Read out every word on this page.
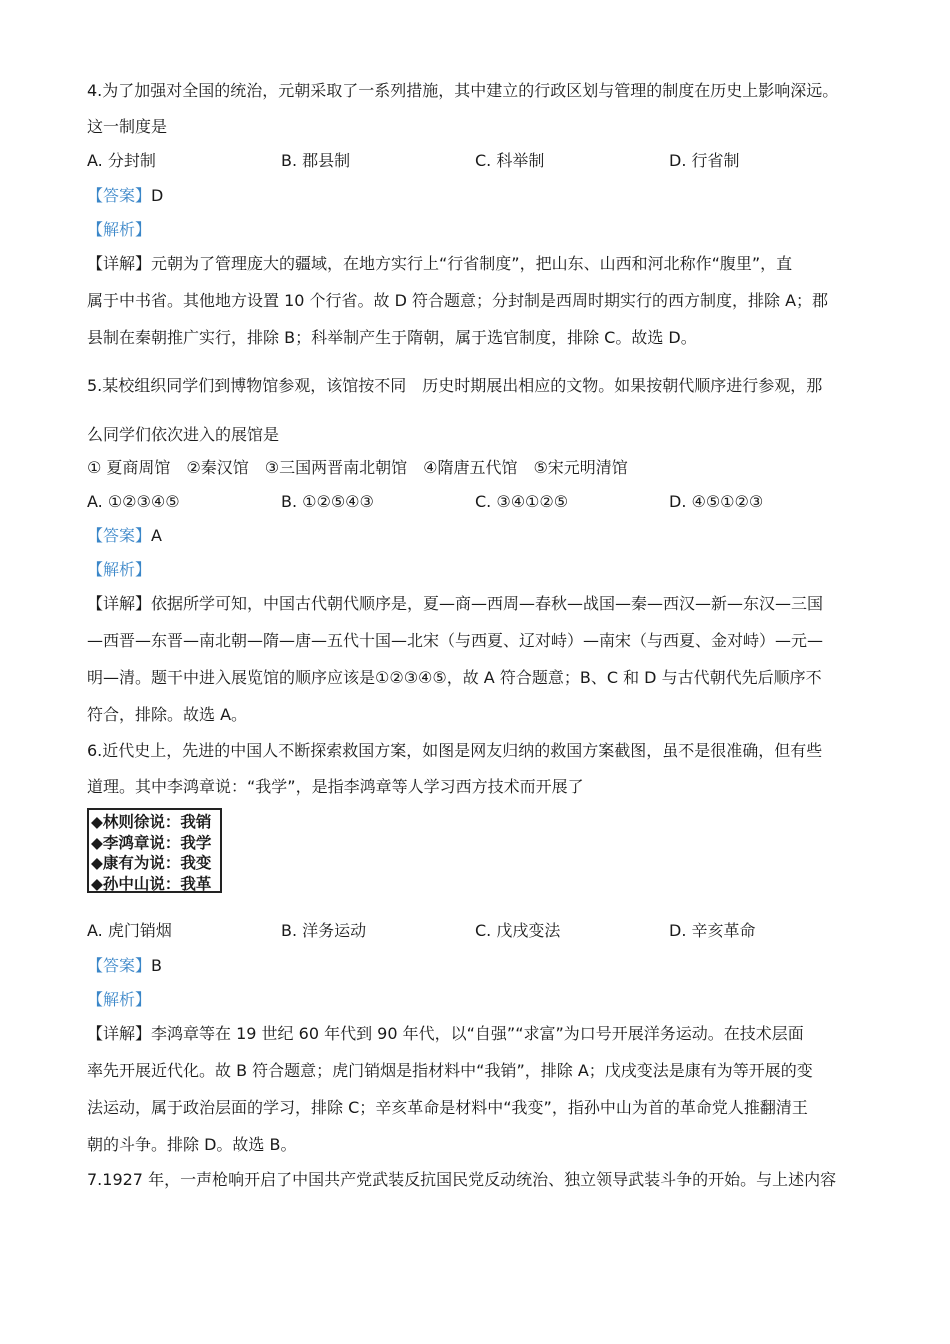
4.为了加强对全国的统治，元朝采取了一系列措施，其中建立的行政区划与管理的制度在历史上影响深远。
这一制度是
A. 分封制	B. 郡县制	C. 科举制	D. 行省制
【答案】D
【解析】
【详解】元朝为了管理庞大的疆域，在地方实行上“行省制度”，把山东、山西和河北称作“腹里”，直
属于中书省。其他地方设置 10 个行省。故 D 符合题意；分封制是西周时期实行的西方制度，排除 A；郡
县制在秦朝推广实行，排除 B；科举制产生于隋朝，属于选官制度，排除 C。故选 D。
5.某校组织同学们到博物馆参观，该馆按不同　历史时期展出相应的文物。如果按朝代顺序进行参观，那
么同学们依次进入的展馆是
① 夏商周馆　②秦汉馆　③三国两晋南北朝馆　④隋唐五代馆　⑤宋元明清馆
A. ①②③④⑤	B. ①②⑤④③	C. ③④①②⑤	D. ④⑤①②③
【答案】A
【解析】
【详解】依据所学可知，中国古代朝代顺序是，夏—商—西周—春秋—战国—秦—西汉—新—东汉—三国
—西晋—东晋—南北朝—隋—唐—五代十国—北宋（与西夏、辽对峙）—南宋（与西夏、金对峙）—元—
明—清。题干中进入展览馆的顺序应该是①②③④⑤，故 A 符合题意；B、C 和 D 与古代朝代先后顺序不
符合，排除。故选 A。
6.近代史上，先进的中国人不断探索救国方案，如图是网友归纳的救国方案截图，虽不是很准确，但有些
道理。其中李鸿章说：“我学”，是指李鸿章等人学习西方技术而开展了
◆林则徐说：我销
◆李鸿章说：我学
◆康有为说：我变
◆孙中山说：我革
A. 虎门销烟	B. 洋务运动	C. 戊戌变法	D. 辛亥革命
【答案】B
【解析】
【详解】李鸿章等在 19 世纪 60 年代到 90 年代，以“自强”“求富”为口号开展洋务运动。在技术层面
率先开展近代化。故 B 符合题意；虎门销烟是指材料中“我销”，排除 A；戊戌变法是康有为等开展的变
法运动，属于政治层面的学习，排除 C；辛亥革命是材料中“我变”，指孙中山为首的革命党人推翻清王
朝的斗争。排除 D。故选 B。
7.1927 年，一声枪响开启了中国共产党武装反抗国民党反动统治、独立领导武装斗争的开始。与上述内容
